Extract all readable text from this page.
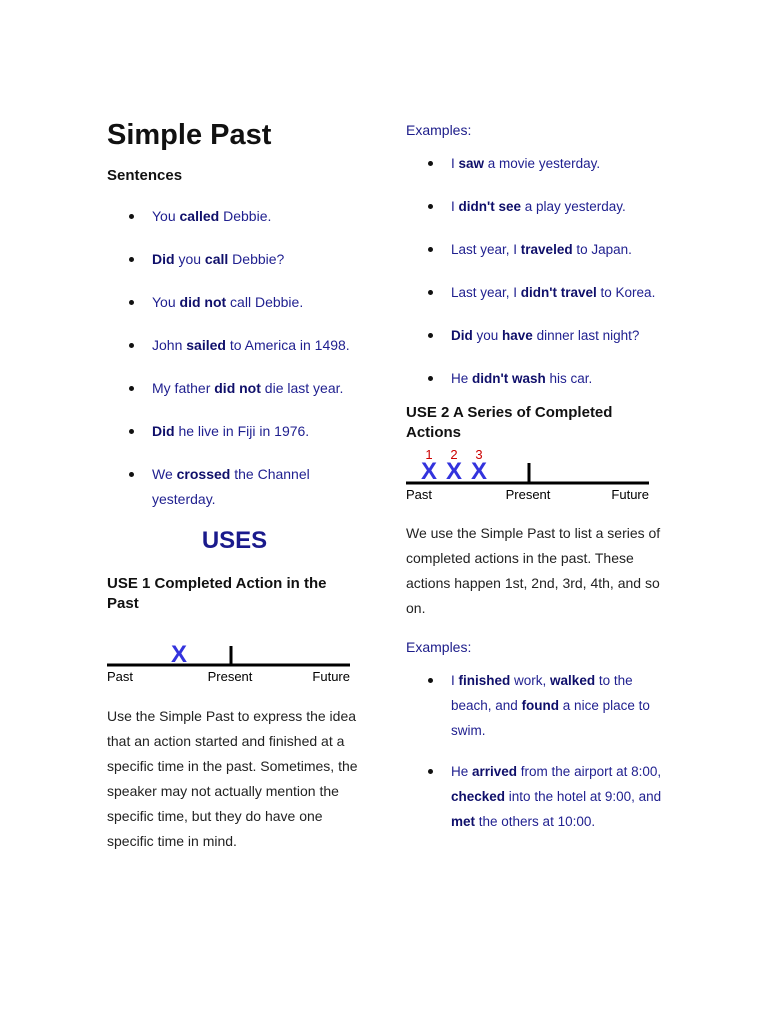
Simple Past
Sentences
You called Debbie.
Did you call Debbie?
You did not call Debbie.
John sailed to America in 1498.
My father did not die last year.
Did he live in Fiji in 1976.
We crossed the Channel yesterday.
USES
USE 1 Completed Action in the Past
X
Past	Present	Future

Use the Simple Past to express the idea that an action started and finished at a specific time in the past. Sometimes, the speaker may not actually mention the specific time, but they do have one specific time in mind.

Examples:

I saw a movie yesterday.
I didn't see a play yesterday.
Last year, I traveled to Japan.
Last year, I didn't travel to Korea.
Did you have dinner last night?
He didn't wash his car.
USE 2 A Series of Completed Actions
1 2 3
X X X
Past	Present	Future

We use the Simple Past to list a series of completed actions in the past. These actions happen 1st, 2nd, 3rd, 4th, and so on.

Examples:

I finished work, walked to the beach, and found a nice place to swim.
He arrived from the airport at 8:00, checked into the hotel at 9:00, and met the others at 10:00.
